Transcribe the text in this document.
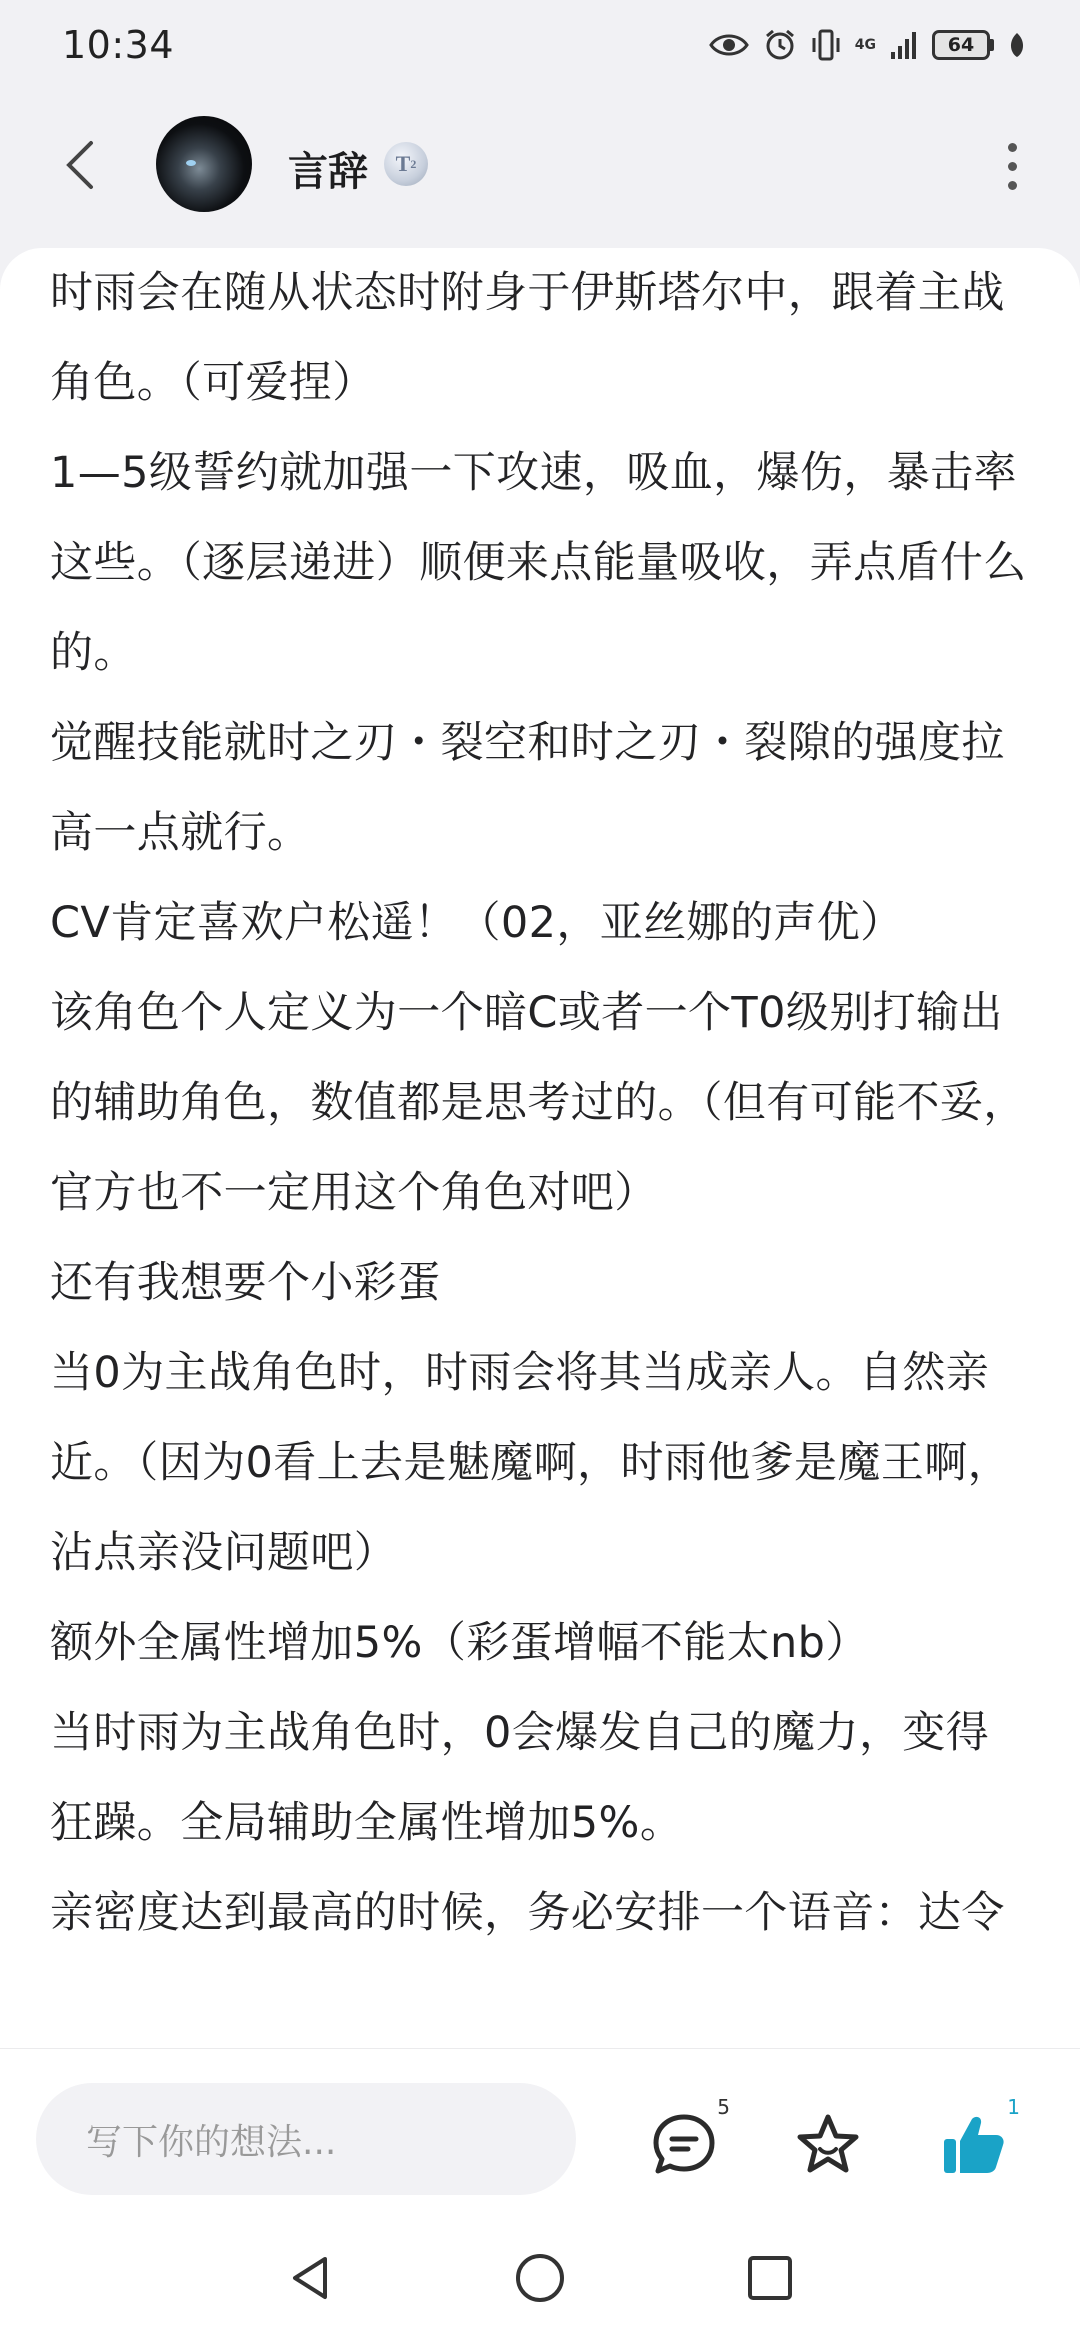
10:34	4G	64
言辞 T 2

时雨会在随从状态时附身于伊斯塔尔中，跟着主战角色。（可爱捏）

1—5级誓约就加强一下攻速，吸血，爆伤，暴击率这些。（逐层递进）顺便来点能量吸收，弄点盾什么的。

觉醒技能就时之刃・裂空和时之刃・裂隙的强度拉高一点就行。

CV肯定喜欢户松遥！（02，亚丝娜的声优）

该角色个人定义为一个暗C或者一个T0级别打输出的辅助角色，数值都是思考过的。（但有可能不妥，官方也不一定用这个角色对吧）

还有我想要个小彩蛋

当0为主战角色时，时雨会将其当成亲人。自然亲近。（因为0看上去是魅魔啊，时雨他爹是魔王啊，沾点亲没问题吧）

额外全属性增加5%（彩蛋增幅不能太nb）

当时雨为主战角色时，0会爆发自己的魔力，变得狂躁。全局辅助全属性增加5%。

亲密度达到最高的时候，务必安排一个语音：达令

写下你的想法...
5	1
